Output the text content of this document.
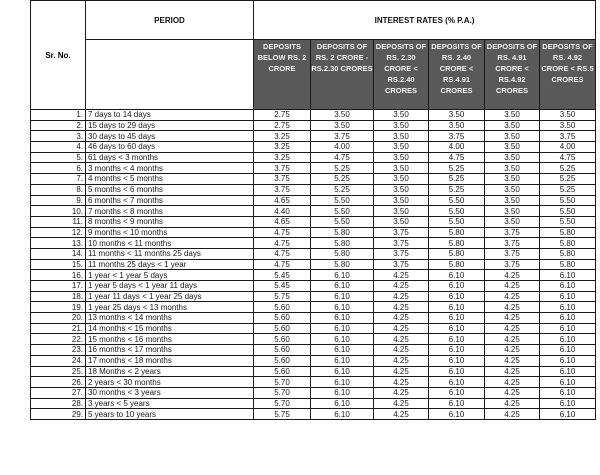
Sr. No.	PERIOD	INTEREST RATES (% P.A.)					
		DEPOSITS BELOW RS. 2 CRORE	DEPOSITS OF RS. 2 CRORE - RS.2.30 CRORES	DEPOSITS OF RS. 2.30 CRORE < RS.2.40 CRORES	DEPOSITS OF RS. 2.40 CRORE < RS.4.91 CRORES	DEPOSITS OF RS. 4.91 CRORE < RS.4.92 CRORES	DEPOSITS OF RS. 4.92 CRORE < RS.5 CRORES
1.	7 days to 14 days	2.75	3.50	3.50	3.50	3.50	3.50
2.	15 days to 29 days	2.75	3.50	3.50	3.50	3.50	3.50
3.	30 days to 45 days	3.25	3.75	3.50	3.75	3.50	3.75
4.	46 days to 60 days	3.25	4.00	3.50	4.00	3.50	4.00
5.	61 days < 3 months	3.25	4.75	3.50	4.75	3.50	4.75
6.	3 months < 4 months	3.75	5.25	3.50	5.25	3.50	5.25
7.	4 months < 5 months	3.75	5.25	3.50	5.25	3.50	5.25
8.	5 months < 6 months	3.75	5.25	3.50	5.25	3.50	5.25
9.	6 months < 7 months	4.65	5.50	3.50	5.50	3.50	5.50
10.	7 months < 8 months	4.40	5.50	3.50	5.50	3.50	5.50
11.	8 months < 9 months	4.65	5.50	3.50	5.50	3.50	5.50
12.	9 months < 10 months	4.75	5.80	3.75	5.80	3.75	5.80
13.	10 months < 11 months	4.75	5.80	3.75	5.80	3.75	5.80
14.	11 months < 11 months 25 days	4.75	5.80	3.75	5.80	3.75	5.80
15.	11 months 25 days < 1 year	4.75	5.80	3.75	5.80	3.75	5.80
16.	1 year < 1 year 5 days	5.45	6.10	4.25	6.10	4.25	6.10
17.	1 year 5 days < 1 year 11 days	5.45	6.10	4.25	6.10	4.25	6.10
18.	1 year 11 days < 1 year 25 days	5.75	6.10	4.25	6.10	4.25	6.10
19.	1 year 25 days < 13 months	5.60	6.10	4.25	6.10	4.25	6.10
20.	13 months < 14 months	5.60	6.10	4.25	6.10	4.25	6.10
21.	14 months < 15 months	5.60	6.10	4.25	6.10	4.25	6.10
22.	15 months < 16 months	5.60	6.10	4.25	6.10	4.25	6.10
23.	16 months < 17 months	5.60	6.10	4.25	6.10	4.25	6.10
24.	17 months < 18 months	5.60	6.10	4.25	6.10	4.25	6.10
25.	18 Months < 2 years	5.60	6.10	4.25	6.10	4.25	6.10
26.	2 years < 30 months	5.70	6.10	4.25	6.10	4.25	6.10
27.	30 months < 3 years	5.70	6.10	4.25	6.10	4.25	6.10
28.	3 years < 5 years	5.70	6.10	4.25	6.10	4.25	6.10
29.	5 years to 10 years	5.75	6.10	4.25	6.10	4.25	6.10
